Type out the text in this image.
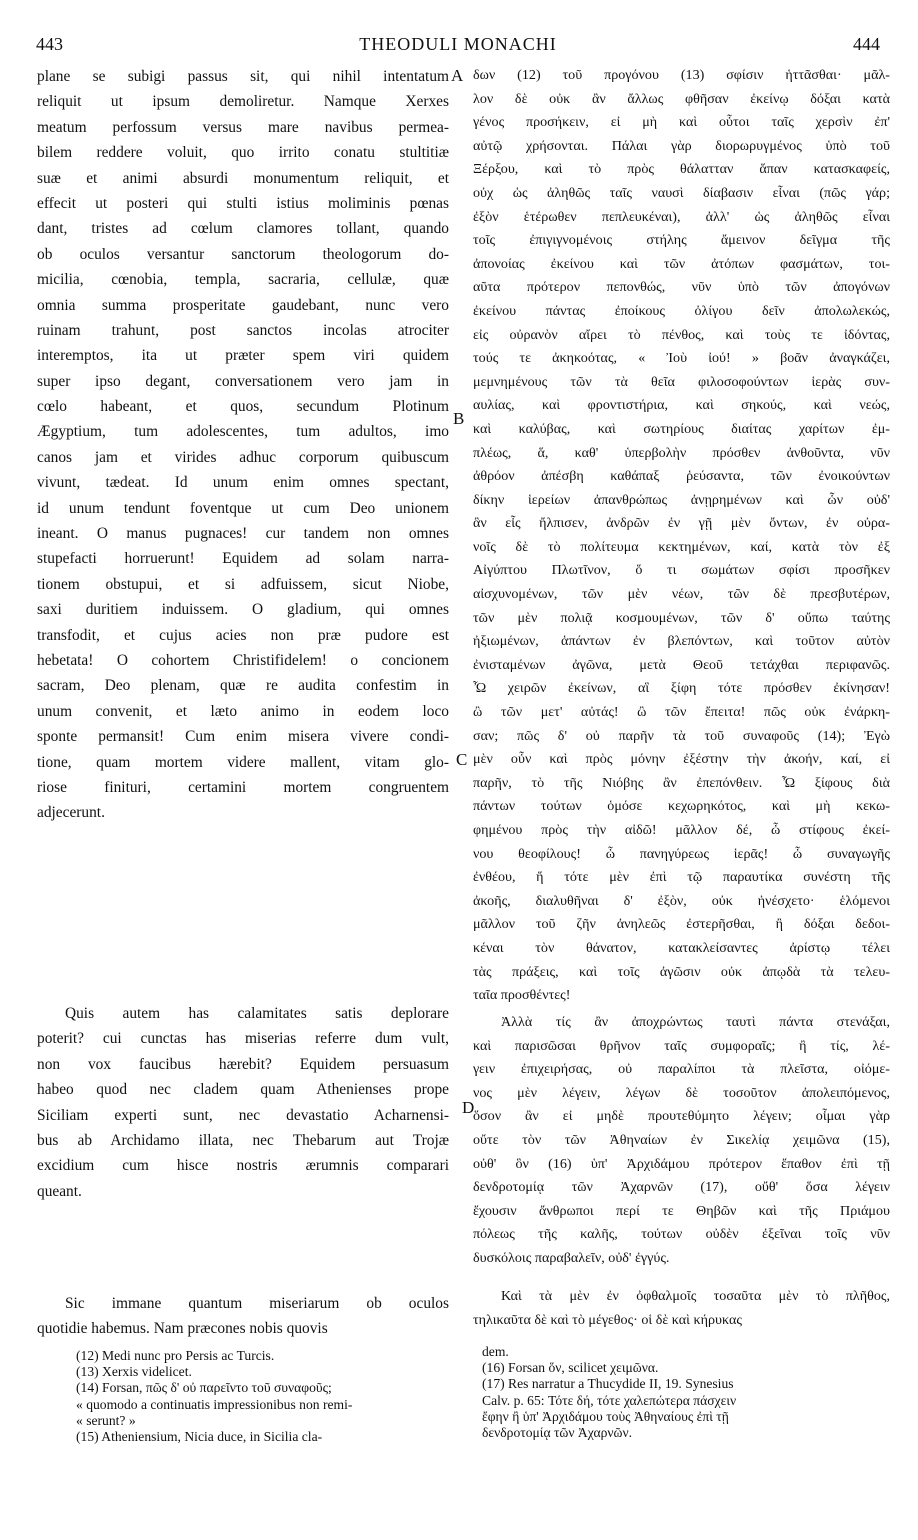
443	THEODULI MONACHI	444
plane se subigi passus sit, qui nihil intentatum
reliquit ut ipsum demoliretur. Namque Xerxes
meatum perfossum versus mare navibus permea-
bilem reddere voluit, quo irrito conatu stultitiæ
suæ et animi absurdi monumentum reliquit, et
effecit ut posteri qui stulti istius moliminis pœnas
dant, tristes ad cœlum clamores tollant, quando
ob oculos versantur sanctorum theologorum do-
micilia, cœnobia, templa, sacraria, cellulæ, quæ
omnia summa prosperitate gaudebant, nunc vero
ruinam trahunt, post sanctos incolas atrociter
interemptos, ita ut præter spem viri quidem
super ipso degant, conversationem vero jam in
cœlo habeant, et quos, secundum Plotinum
Ægyptium, tum adolescentes, tum adultos, imo
canos jam et virides adhuc corporum quibuscum
vivunt, tædeat. Id unum enim omnes spectant,
id unum tendunt foventque ut cum Deo unionem
ineant. O manus pugnaces! cur tandem non omnes
stupefacti horruerunt! Equidem ad solam narra-
tionem obstupui, et si adfuissem, sicut Niobe,
saxi duritiem induissem. O gladium, qui omnes
transfodit, et cujus acies non præ pudore est
hebetata! O cohortem Christifidelem! o concionem
sacram, Deo plenam, quæ re audita confestim in
unum convenit, et læto animo in eodem loco
sponte permansit! Cum enim misera vivere condi-
tione, quam mortem videre mallent, vitam glo-
riose finituri, certamini mortem congruentem
adjecerunt.
Quis autem has calamitates satis deplorare
poterit? cui cunctas has miserias referre dum vult,
non vox faucibus hærebit? Equidem persuasum
habeo quod nec cladem quam Athenienses prope
Siciliam experti sunt, nec devastatio Acharnensi-
bus ab Archidamo illata, nec Thebarum aut Trojæ
excidium cum hisce nostris ærumnis comparari
queant.
Sic immane quantum miseriarum ob oculos
quotidie habemus. Nam præcones nobis quovis
δων (12) τοῦ προγόνου (13) σφίσιν ἡττᾶσθαι· μᾶλ-
λον δὲ οὐκ ἂν ἄλλως φθῆσαν ἐκείνῳ δόξαι κατὰ
γένος προσήκειν, εἰ μὴ καὶ οὗτοι ταῖς χερσὶν ἐπ'
αὐτῷ χρήσονται. Πάλαι γὰρ διορωρυγμένος ὑπὸ τοῦ
Ξέρξου, καὶ τὸ πρὸς θάλατταν ἅπαν κατασκαφείς,
οὐχ ὡς ἀληθῶς ταῖς ναυσὶ δίαβασιν εἶναι (πῶς γάρ;
ἐξὸν ἑτέρωθεν πεπλευκέναι), ἀλλ' ὡς ἀληθῶς εἶναι
τοῖς ἐπιγιγνομένοις στήλης ἄμεινον δεῖγμα τῆς
ἀπονοίας ἐκείνου καὶ τῶν ἀτόπων φασμάτων, τοι-
αῦτα πρότερον πεπονθώς, νῦν ὑπὸ τῶν ἀπογόνων
ἐκείνου πάντας ἐποίκους ὀλίγου δεῖν ἀπολωλεκώς,
εἰς οὐρανὸν αἴρει τὸ πένθος, καὶ τοὺς τε ἰδόντας,
τούς τε ἀκηκοότας, « Ἰοὺ ἰού! » βοᾶν ἀναγκάζει,
μεμνημένους τῶν τὰ θεῖα φιλοσοφούντων ἱερὰς συν-
αυλίας, καὶ φροντιστήρια, καὶ σηκούς, καὶ νεώς,
καὶ καλύβας, καὶ σωτηρίους διαίτας χαρίτων ἐμ-
πλέως, ἅ, καθ' ὑπερβολὴν πρόσθεν ἀνθοῦντα, νῦν
ἀθρόον ἀπέσβη καθάπαξ ῥεύσαντα, τῶν ἐνοικούντων
δίκην ἱερείων ἀπανθρώπως ἀνῃρημένων καὶ ὧν οὐδ'
ἂν εἷς ἤλπισεν, ἀνδρῶν ἐν γῇ μὲν ὄντων, ἐν οὐρα-
νοῖς δὲ τὸ πολίτευμα κεκτημένων, καί, κατὰ τὸν ἐξ
Αἰγύπτου Πλωτῖνον, ὅ τι σωμάτων σφίσι προσῆκεν
αἰσχυνομένων, τῶν μὲν νέων, τῶν δὲ πρεσβυτέρων,
τῶν μὲν πολιᾷ κοσμουμένων, τῶν δ' οὔπω ταύτης
ἠξιωμένων, ἁπάντων ἐν βλεπόντων, καὶ τοῦτον αὐτὸν
ἐνισταμένων ἀγῶνα, μετὰ Θεοῦ τετάχθαι περιφανῶς.
Ὦ χειρῶν ἐκείνων, αἳ ξίφη τότε πρόσθεν ἐκίνησαν!
ὢ τῶν μετ' αὐτάς! ὢ τῶν ἔπειτα! πῶς οὐκ ἐνάρκη-
σαν; πῶς δ' οὐ παρῆν τὰ τοῦ συναφοῦς (14); Ἐγὼ
μὲν οὖν καὶ πρὸς μόνην ἐξέστην τὴν ἀκοήν, καί, εἰ
παρῆν, τὸ τῆς Νιόβης ἂν ἐπεπόνθειν. Ὦ ξίφους διὰ
πάντων τούτων ὁμόσε κεχωρηκότος, καὶ μὴ κεκω-
φημένου πρὸς τὴν αἰδῶ! μᾶλλον δέ, ὦ στίφους ἐκεί-
νου θεοφίλους! ὦ πανηγύρεως ἱερᾶς! ὦ συναγωγῆς
ἐνθέου, ἥ τότε μὲν ἐπὶ τῷ παραυτίκα συνέστη τῆς
ἀκοῆς, διαλυθῆναι δ' ἐξὸν, οὐκ ἠνέσχετο· ἑλόμενοι
μᾶλλον τοῦ ζῆν ἀνηλεῶς ἐστερῆσθαι, ἢ δόξαι δεδοι-
κέναι τὸν θάνατον, κατακλείσαντες ἀρίστῳ τέλει
τὰς πράξεις, καὶ τοῖς ἀγῶσιν οὐκ ἀπῳδὰ τὰ τελευ-
ταῖα προσθέντες!
Ἀλλὰ τίς ἂν ἀποχρώντως ταυτὶ πάντα στενάξαι,
καὶ παρισῶσαι θρῆνον ταῖς συμφοραῖς; ἢ τίς, λέ-
γειν ἐπιχειρήσας, οὐ παραλίποι τὰ πλεῖστα, οἰόμε-
νος μὲν λέγειν, λέγων δὲ τοσοῦτον ἀπολειπόμενος,
ὅσον ἂν εἰ μηδὲ προυτεθύμητο λέγειν; οἶμαι γὰρ
οὔτε τὸν τῶν Ἀθηναίων ἐν Σικελίᾳ χειμῶνα (15),
οὐθ' ὃν (16) ὑπ' Ἀρχιδάμου πρότερον ἔπαθον ἐπὶ τῇ
δενδροτομίᾳ τῶν Ἀχαρνῶν (17), οὔθ' ὅσα λέγειν
ἔχουσιν ἄνθρωποι περί τε Θηβῶν καὶ τῆς Πριάμου
πόλεως τῆς καλῆς, τούτων οὐδὲν ἐξεῖναι τοῖς νῦν
δυσκόλοις παραβαλεῖν, οὐδ' ἐγγύς.
Καὶ τὰ μὲν ἐν ὀφθαλμοῖς τοσαῦτα μὲν τὸ πλῆθος,
τηλικαῦτα δὲ καὶ τὸ μέγεθος· οἱ δὲ καὶ κήρυκας
A
B
C
D
(12) Medi nunc pro Persis ac Turcis.
(13) Xerxis videlicet.
(14) Forsan, πῶς δ' οὐ παρεῖντο τοῦ συναφοῦς;
« quomodo a continuatis impressionibus non remi-
« serunt? »
(15) Atheniensium, Nicia duce, in Sicilia cla-
dem.
(16) Forsan ὅν, scilicet χειμῶνα.
(17) Res narratur a Thucydide II, 19. Synesius
Calv. p. 65: Τότε δή, τότε χαλεπώτερα πάσχειν
ἔφην ἢ ὑπ' Ἀρχιδάμου τοὺς Ἀθηναίους ἐπὶ τῇ
δενδροτομίᾳ τῶν Ἀχαρνῶν.
